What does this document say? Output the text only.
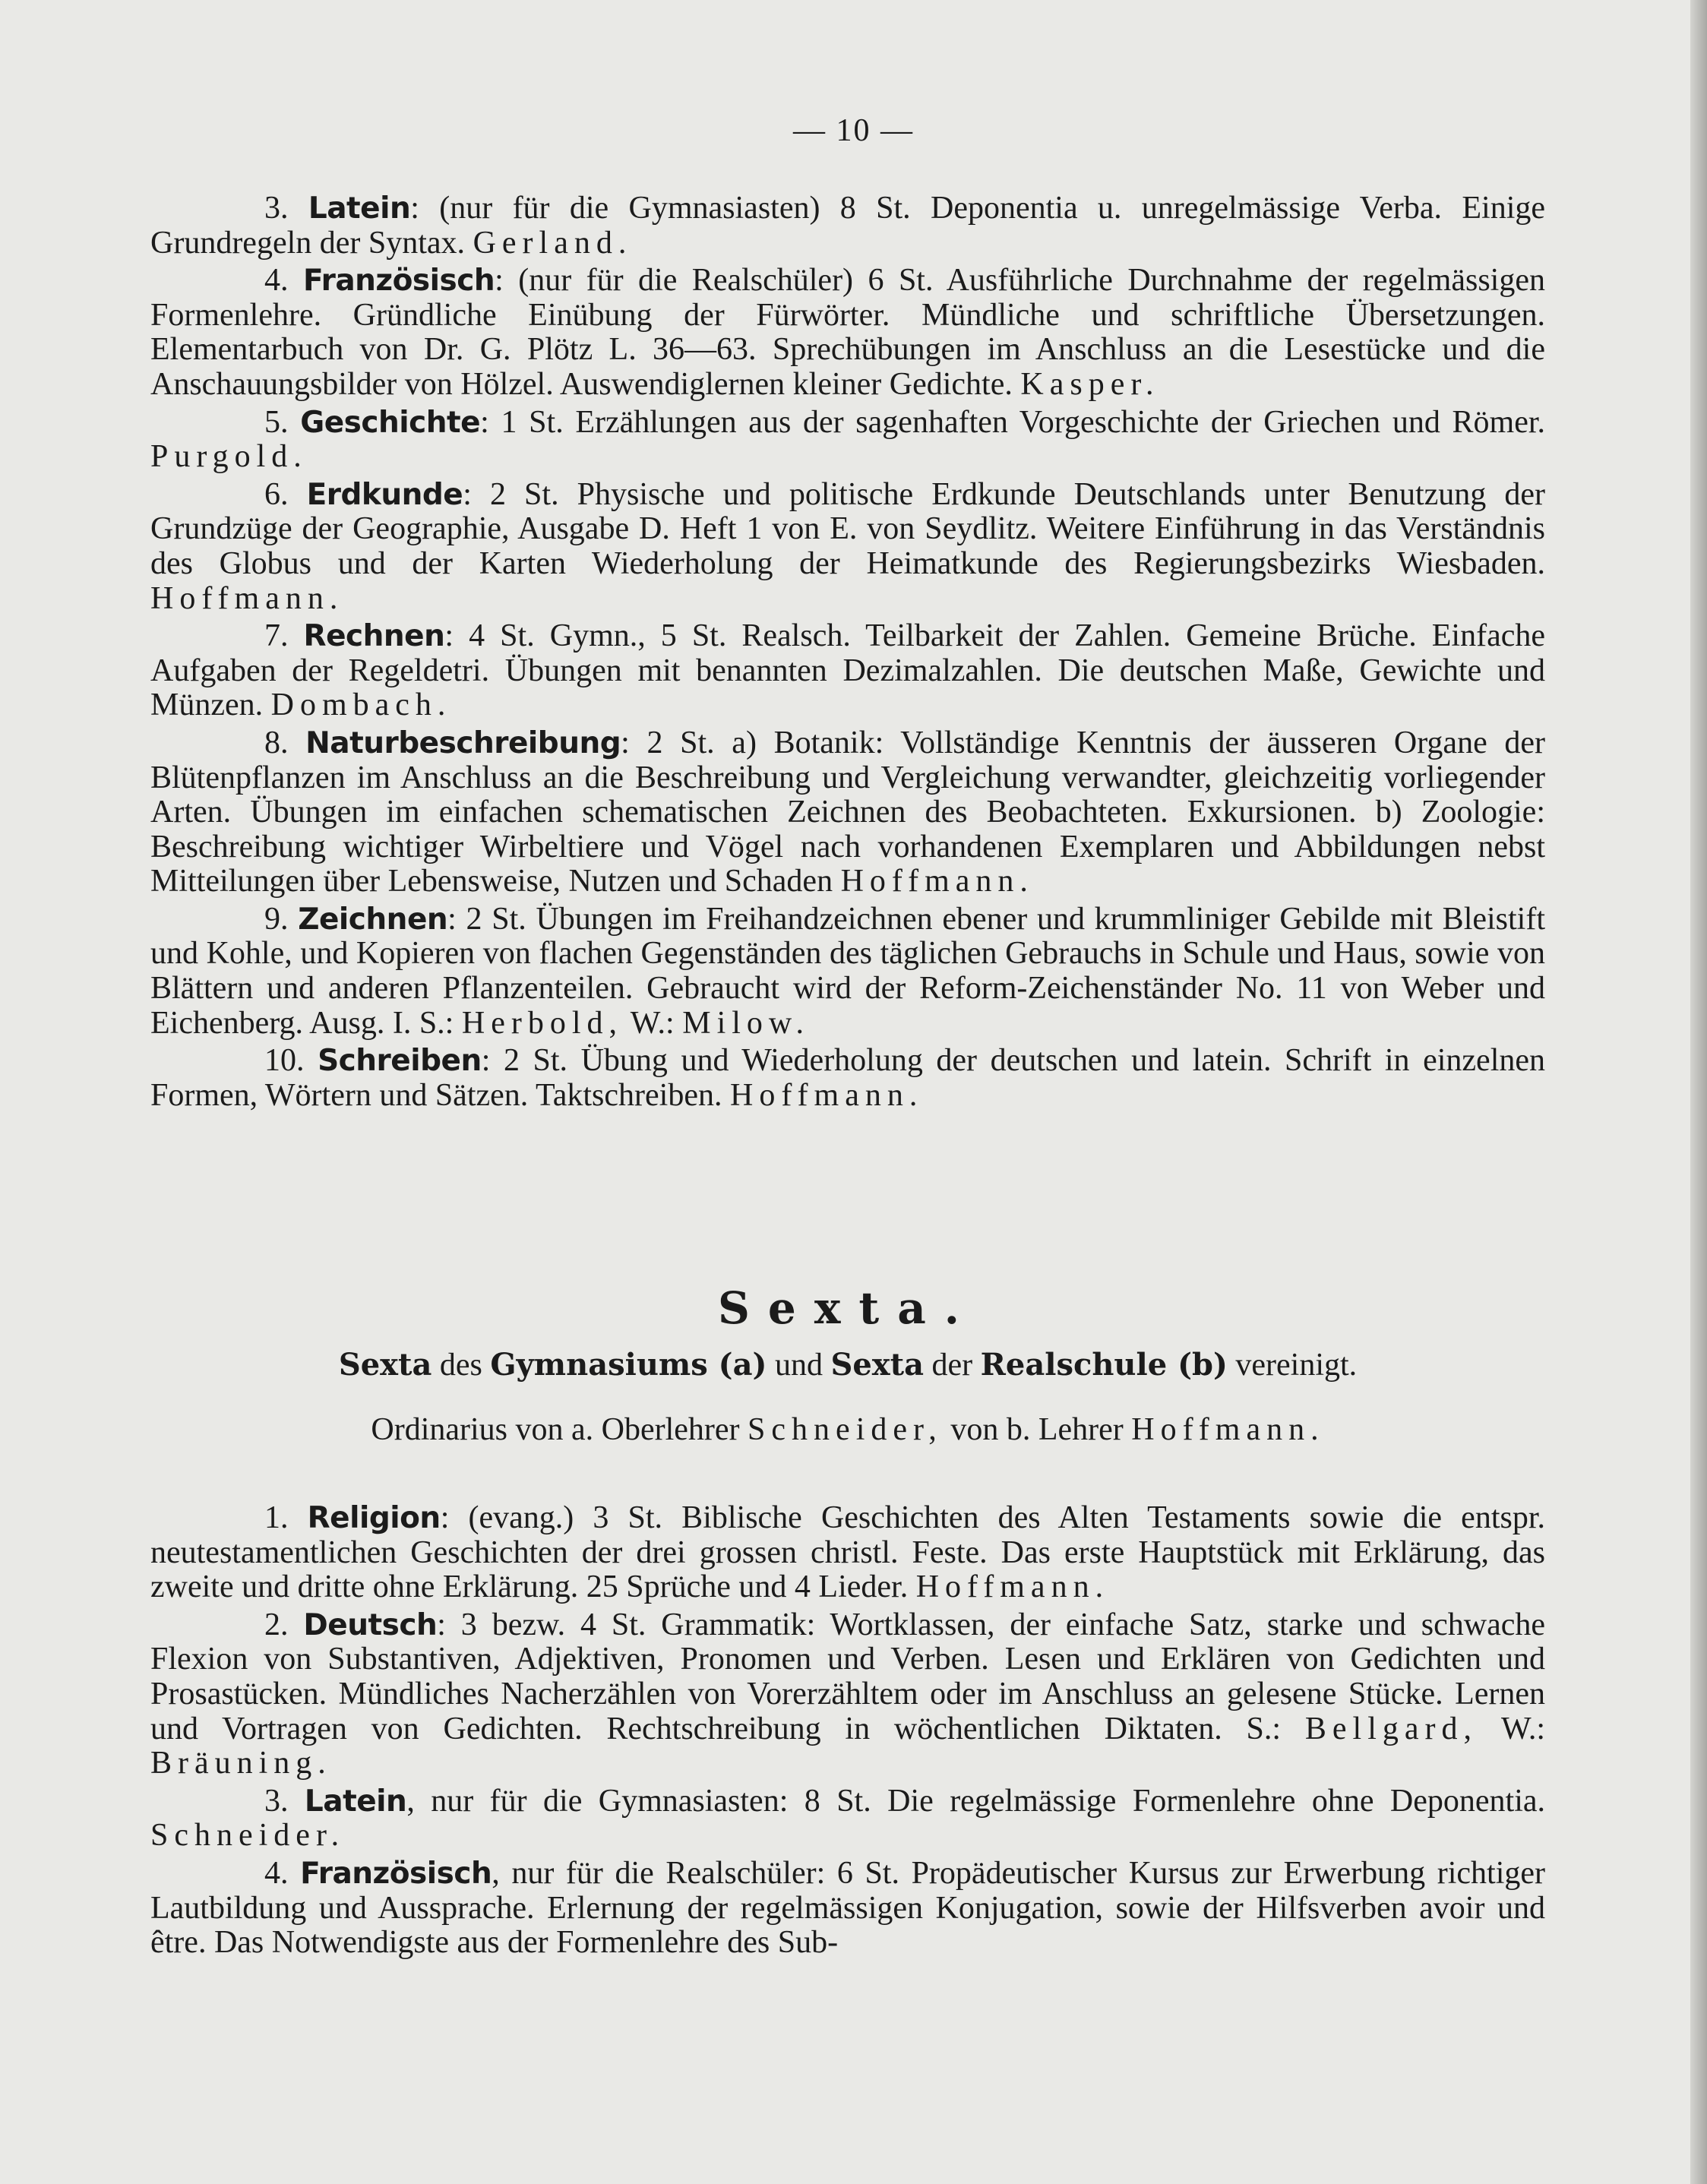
— 10 —

3. Latein: (nur für die Gymnasiasten) 8 St. Deponentia u. unregelmässige Verba. Einige Grundregeln der Syntax. Gerland.

4. Französisch: (nur für die Realschüler) 6 St. Ausführliche Durchnahme der regelmässigen Formenlehre. Gründliche Einübung der Fürwörter. Mündliche und schriftliche Übersetzungen. Elementarbuch von Dr. G. Plötz L. 36—63. Sprechübungen im Anschluss an die Lesestücke und die Anschauungsbilder von Hölzel. Auswendiglernen kleiner Gedichte. Kasper.

5. Geschichte: 1 St. Erzählungen aus der sagenhaften Vorgeschichte der Griechen und Römer. Purgold.

6. Erdkunde: 2 St. Physische und politische Erdkunde Deutschlands unter Benutzung der Grundzüge der Geographie, Ausgabe D. Heft 1 von E. von Seydlitz. Weitere Einführung in das Verständnis des Globus und der Karten Wiederholung der Heimatkunde des Regierungsbezirks Wiesbaden. Hoffmann.

7. Rechnen: 4 St. Gymn., 5 St. Realsch. Teilbarkeit der Zahlen. Gemeine Brüche. Einfache Aufgaben der Regeldetri. Übungen mit benannten Dezimalzahlen. Die deutschen Maße, Gewichte und Münzen. Dombach.

8. Naturbeschreibung: 2 St. a) Botanik: Vollständige Kenntnis der äusseren Organe der Blütenpflanzen im Anschluss an die Beschreibung und Vergleichung verwandter, gleichzeitig vorliegender Arten. Übungen im einfachen schematischen Zeichnen des Beobachteten. Exkursionen. b) Zoologie: Beschreibung wichtiger Wirbeltiere und Vögel nach vorhandenen Exemplaren und Abbildungen nebst Mitteilungen über Lebensweise, Nutzen und Schaden Hoffmann.

9. Zeichnen: 2 St. Übungen im Freihandzeichnen ebener und krummliniger Gebilde mit Bleistift und Kohle, und Kopieren von flachen Gegenständen des täglichen Gebrauchs in Schule und Haus, sowie von Blättern und anderen Pflanzenteilen. Gebraucht wird der Reform-Zeichenständer No. 11 von Weber und Eichenberg. Ausg. I. S.: Herbold, W.: Milow.

10. Schreiben: 2 St. Übung und Wiederholung der deutschen und latein. Schrift in einzelnen Formen, Wörtern und Sätzen. Taktschreiben. Hoffmann.

Sexta.

Sexta des Gymnasiums (a) und Sexta der Realschule (b) vereinigt.

Ordinarius von a. Oberlehrer Schneider, von b. Lehrer Hoffmann.

1. Religion: (evang.) 3 St. Biblische Geschichten des Alten Testaments sowie die entspr. neutestamentlichen Geschichten der drei grossen christl. Feste. Das erste Hauptstück mit Erklärung, das zweite und dritte ohne Erklärung. 25 Sprüche und 4 Lieder. Hoffmann.

2. Deutsch: 3 bezw. 4 St. Grammatik: Wortklassen, der einfache Satz, starke und schwache Flexion von Substantiven, Adjektiven, Pronomen und Verben. Lesen und Erklären von Gedichten und Prosastücken. Mündliches Nacherzählen von Vorerzähltem oder im Anschluss an gelesene Stücke. Lernen und Vortragen von Gedichten. Rechtschreibung in wöchentlichen Diktaten. S.: Bellgard, W.: Bräuning.

3. Latein, nur für die Gymnasiasten: 8 St. Die regelmässige Formenlehre ohne Deponentia. Schneider.

4. Französisch, nur für die Realschüler: 6 St. Propädeutischer Kursus zur Erwerbung richtiger Lautbildung und Aussprache. Erlernung der regelmässigen Konjugation, sowie der Hilfsverben avoir und être. Das Notwendigste aus der Formenlehre des Sub-
